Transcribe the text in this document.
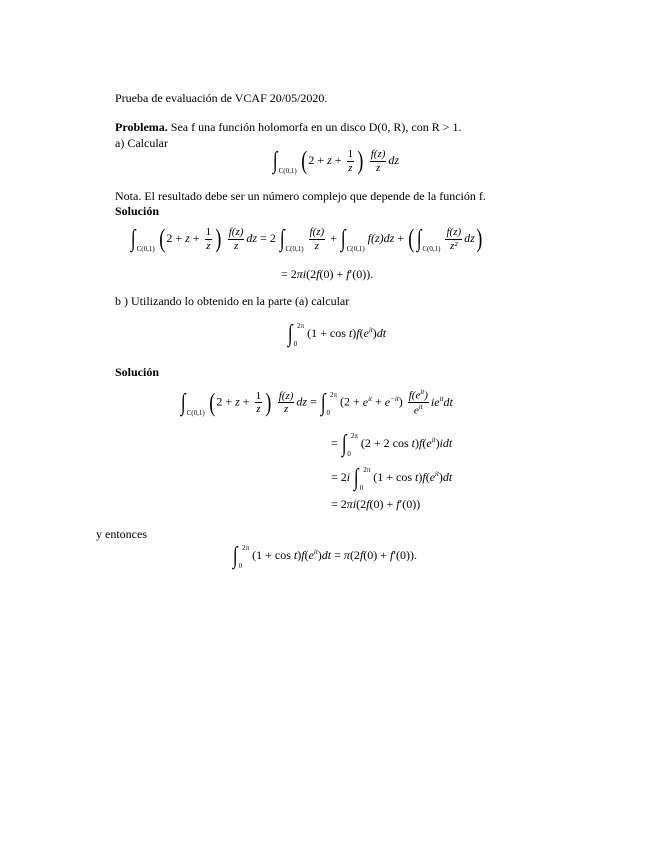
Prueba de evaluación de VCAF 20/05/2020.
Problema. Sea f una función holomorfa en un disco D(0, R), con R > 1.
a) Calcular
$\int_{C(0,1)}$ ($2 + z + \frac{1}{z}$ ) $\frac{f(z)}{z}$ dz
Nota. El resultado debe ser un número complejo que depende de la función f.
Solución
$\int_{C(0,1)}$ ($2 + z + \frac{1}{z}$ ) $\frac{f(z)}{z}$ dz = 2 $\int_{C(0,1)} \frac{f(z)}{z} + \int_{C(0,1)}$ $f(z)dz + (\int_{C(0,1)} \frac{f(z)}{\text{z²}} dz)$
= 2πi(2f(0) + f′(0)).
b ) Utilizando lo obtenido en la parte (a) calcular
$\int_0^{2\pi}$ $(1 + \cos t)f(e^{it})dt$
Solución
$\int_{C(0,1)}$ ($2 + z + \frac{1}{z}$ ) $\frac{f(z)}{z}$ dz = $\int_0^{2\pi}$ $(2 + e^{it} + e^{-it}) \frac{f(e^{it})}{e^{it}} ie^{it}dt$
= $\int_0^{2\pi}$ (2 + 2 $\cos t)f(e^{it})idt$
= 2i $\int_0^{2\pi}$ $(1 + \cos t)f(e^{it})dt$
= 2πi(2f(0) + f′(0))
y entonces
$\int_0^{2\pi}$ $(1 + \cos t)f(e^{it})dt = \pi(2f(0) + f'(0))$.
